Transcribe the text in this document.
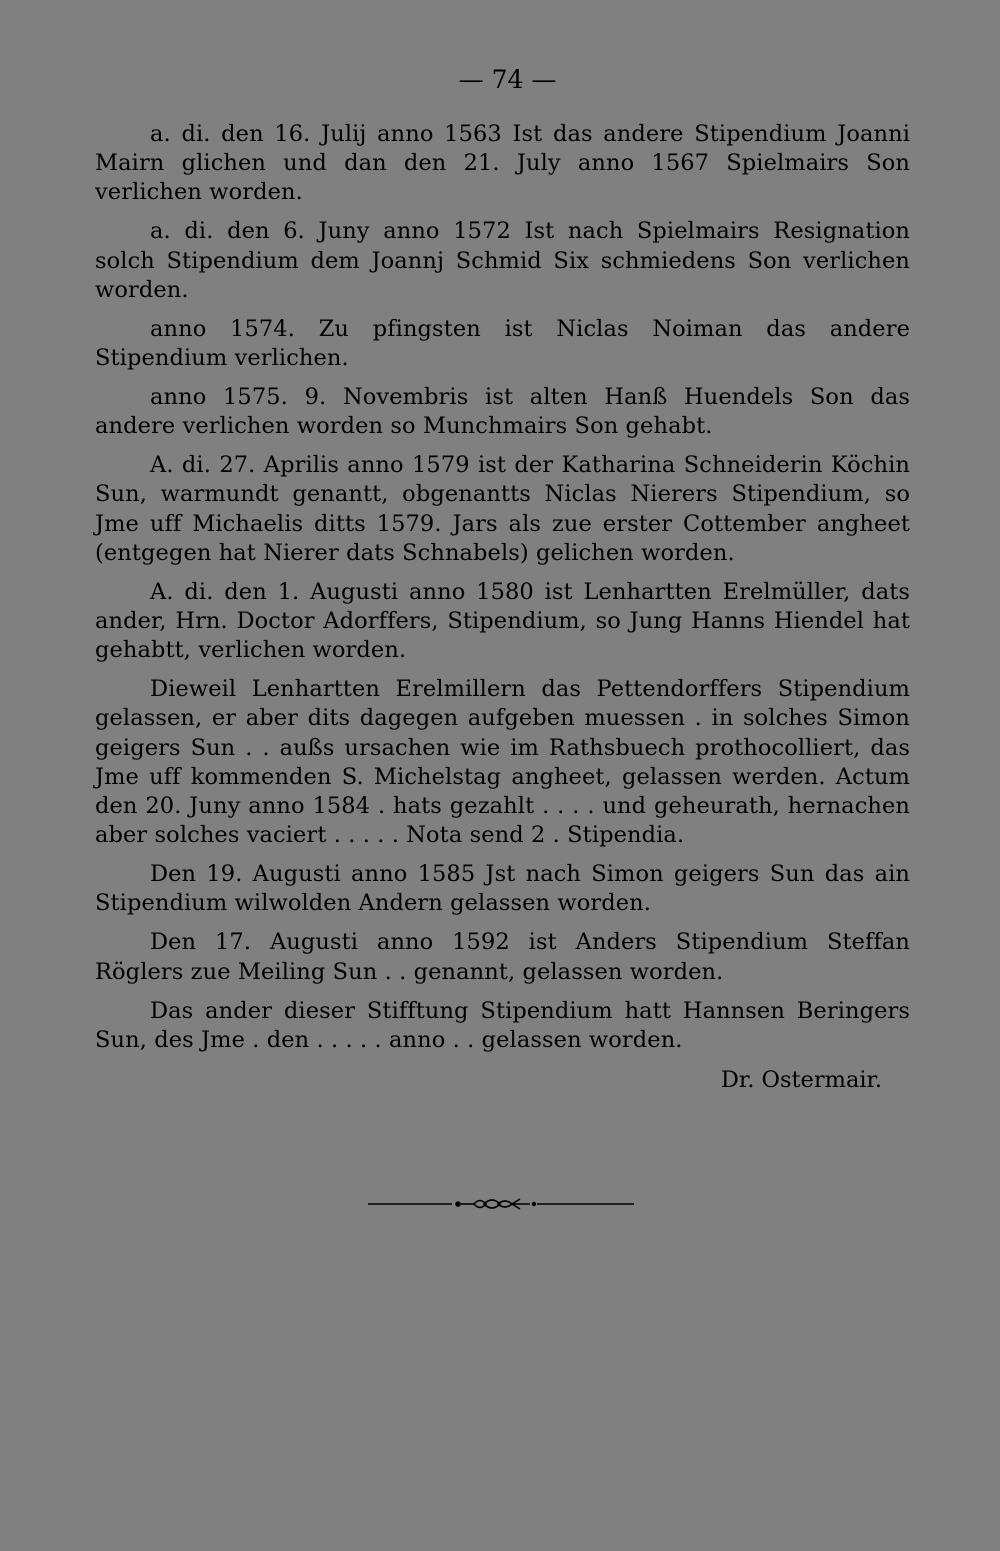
— 74 —

a. di. den 16. Julij anno 1563 Ist das andere Stipendium Joanni Mairn glichen und dan den 21. July anno 1567 Spielmairs Son verlichen worden.

a. di. den 6. Juny anno 1572 Ist nach Spielmairs Resignation solch Stipendium dem Joannj Schmid Six schmiedens Son verlichen worden.

anno 1574. Zu pfingsten ist Niclas Noiman das andere Stipendium verlichen.

anno 1575. 9. Novembris ist alten Hanß Huendels Son das andere verlichen worden so Munchmairs Son gehabt.

A. di. 27. Aprilis anno 1579 ist der Katharina Schneiderin Köchin Sun, warmundt genantt, obgenantts Niclas Nierers Stipendium, so Jme uff Michaelis ditts 1579. Jars als zue erster Cottember angheet (entgegen hat Nierer dats Schnabels) gelichen worden.

A. di. den 1. Augusti anno 1580 ist Lenhartten Erelmüller, dats ander, Hrn. Doctor Adorffers, Stipendium, so Jung Hanns Hiendel hat gehabtt, verlichen worden.

Dieweil Lenhartten Erelmillern das Pettendorffers Stipendium gelassen, er aber dits dagegen aufgeben muessen . in solches Simon geigers Sun . . außs ursachen wie im Rathsbuech prothocolliert, das Jme uff kommenden S. Michelstag angheet, gelassen werden. Actum den 20. Juny anno 1584 . hats gezahlt . . . . und geheurath, hernachen aber solches vaciert . . . . . Nota send 2 . Stipendia.

Den 19. Augusti anno 1585 Jst nach Simon geigers Sun das ain Stipendium wilwolden Andern gelassen worden.

Den 17. Augusti anno 1592 ist Anders Stipendium Steffan Röglers zue Meiling Sun . . genannt, gelassen worden.

Das ander dieser Stifftung Stipendium hatt Hannsen Beringers Sun, des Jme . den . . . . . anno . . gelassen worden.

Dr. Ostermair.
